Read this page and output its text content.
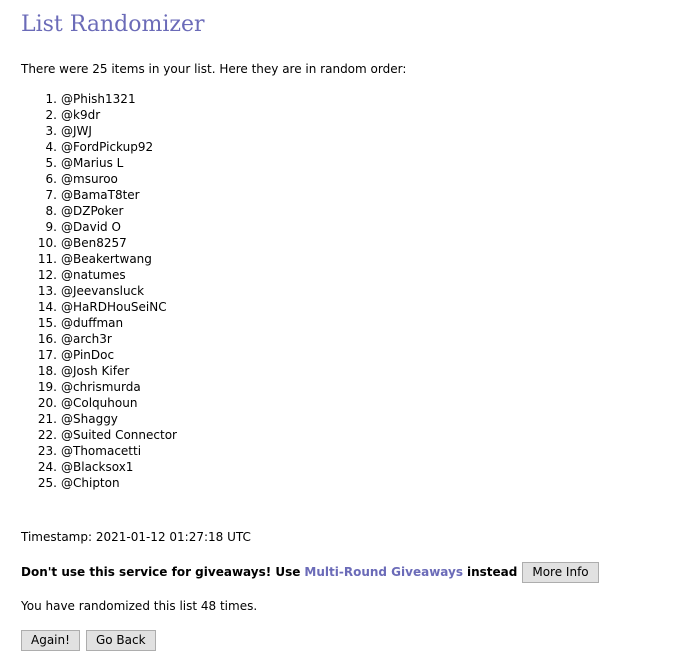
List Randomizer

There were 25 items in your list. Here they are in random order:

1. @Phish1321
2. @k9dr
3. @JWJ
4. @FordPickup92
5. @Marius L
6. @msuroo
7. @BamaT8ter
8. @DZPoker
9. @David O
10. @Ben8257
11. @Beakertwang
12. @natumes
13. @Jeevansluck
14. @HaRDHouSeiNC
15. @duffman
16. @arch3r
17. @PinDoc
18. @Josh Kifer
19. @chrismurda
20. @Colquhoun
21. @Shaggy
22. @Suited Connector
23. @Thomacetti
24. @Blacksox1
25. @Chipton

Timestamp: 2021-01-12 01:27:18 UTC

Don't use this service for giveaways! Use Multi-Round Giveaways instead	More Info

You have randomized this list 48 times.

Again!	Go Back
